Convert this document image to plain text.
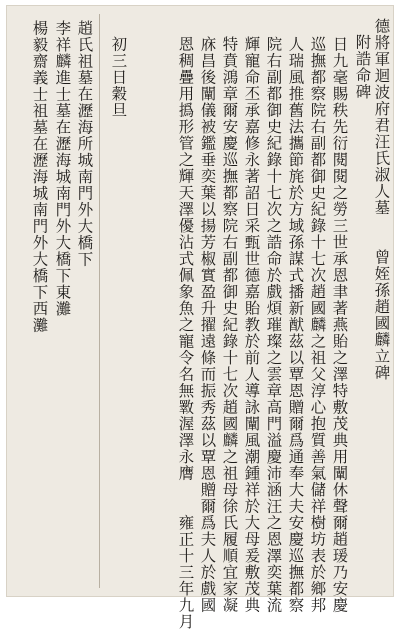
德將軍迴波府君汪氏淑人墓　　曾姪孫趙國麟立碑
附誥命碑
日九毫賜秩先衍閱閱之勞三世承恩聿著燕貽之澤特敷茂典用闡休聲爾趙瑗乃安慶
巡撫都察院右副都御史紀錄十七次趙國麟之祖父淳心抱質善氣儲祥樹坊表於鄉邦
人瑞風推舊法攜節旄於方域孫謀式播新猷茲以覃恩贈爾爲通奉大夫安慶巡撫都察
院右副都御史紀錄十七次之誥命於戲煩璀璨之雲章高門溢慶沛涵汪之恩澤奕葉流
輝寵命丕承嘉修永著詔日采甄世德嘉貽教於前人導詠闡風潮鍾祥於大母爰敷茂典
特賁鴻章爾安慶巡撫都察院右副都御史紀錄十七次趙國麟之祖母徐氏履順宜家凝
庥昌後闡儀被鑑垂奕葉以揚芳椒實盈升擢遠條而振秀茲以覃恩贈爾爲夫人於戲國
恩稠疊用撝形管之輝天澤優沾式佩象魚之寵令名無斁渥澤永膺　　雍正十三年九月
初三日穀旦
趙氏祖墓在瀝海所城南門外大橋下
李祥麟進士墓在瀝海城南門外大橋下東灘
楊毅齋義士祖墓在瀝海城南門外大橋下西灘
